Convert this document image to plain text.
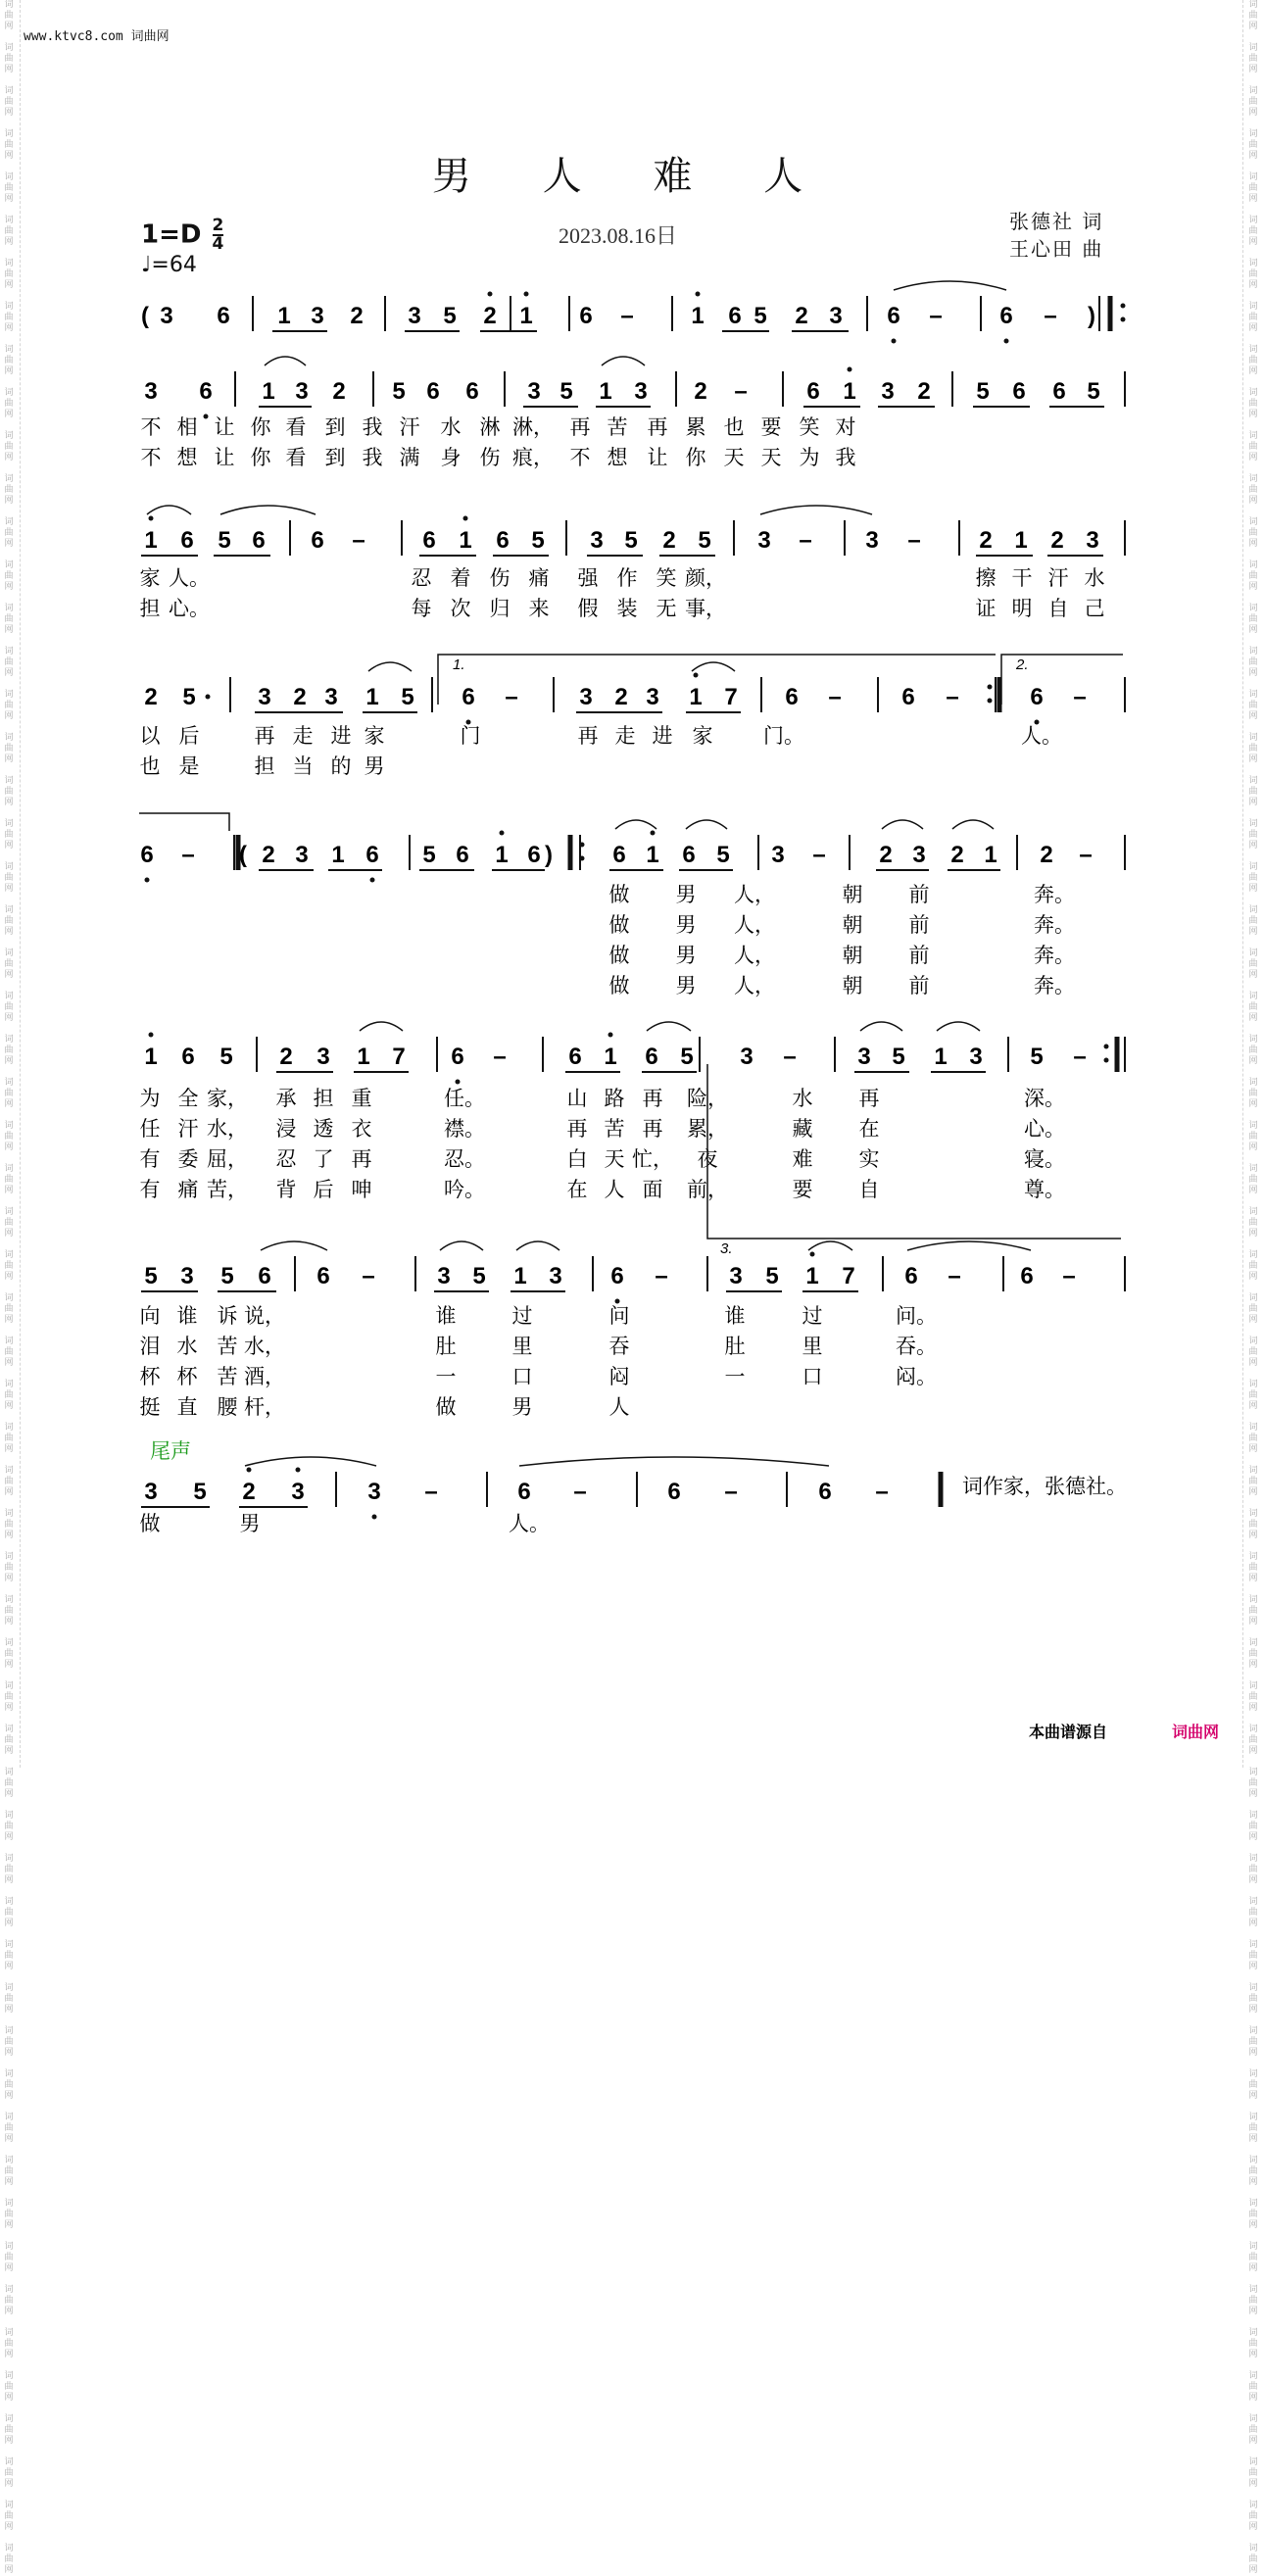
词
曲
网

词
曲
网

词
曲
网

词
曲
网

词
曲
网

词
曲
网

词
曲
网

词
曲
网

词
曲
网

词
曲
网

词
曲
网

词
曲
网

词
曲
网

词
曲
网

词
曲
网

词
曲
网

词
曲
网

词
曲
网

词
曲
网

词
曲
网

词
曲
网

词
曲
网

词
曲
网

词
曲
网

词
曲
网

词
曲
网

词
曲
网

词
曲
网

词
曲
网

词
曲
网

词
曲
网

词
曲
网

词
曲
网

词
曲
网

词
曲
网

词
曲
网

词
曲
网

词
曲
网

词
曲
网

词
曲
网

词
曲
网

词
曲
网

词
曲
网

词
曲
网

词
曲
网

词
曲
网

词
曲
网

词
曲
网

词
曲
网

词
曲
网

词
曲
网

词
曲
网

词
曲
网

词
曲
网

词
曲
网

词
曲
网

词
曲
网

词
曲
网

词
曲
网

词
曲
网
词
曲
网

词
曲
网

词
曲
网

词
曲
网

词
曲
网

词
曲
网

词
曲
网

词
曲
网

词
曲
网

词
曲
网

词
曲
网

词
曲
网

词
曲
网

词
曲
网

词
曲
网

词
曲
网

词
曲
网

词
曲
网

词
曲
网

词
曲
网

词
曲
网

词
曲
网

词
曲
网

词
曲
网

词
曲
网

词
曲
网

词
曲
网

词
曲
网

词
曲
网

词
曲
网

词
曲
网

词
曲
网

词
曲
网

词
曲
网

词
曲
网

词
曲
网

词
曲
网

词
曲
网

词
曲
网

词
曲
网

词
曲
网

词
曲
网

词
曲
网

词
曲
网

词
曲
网

词
曲
网

词
曲
网

词
曲
网

词
曲
网

词
曲
网

词
曲
网

词
曲
网

词
曲
网

词
曲
网

词
曲
网

词
曲
网

词
曲
网

词
曲
网

词
曲
网

词
曲
网
www.ktvc8.com 词曲网
男 人 难 人
$1=D \frac{2}{4}$
♩=64
2023.08.16日
张德社 词
王心田 曲
( 3 6 1 3 2 3 5 2 1 6 – 1 6 5 2 3 6 – 6 – )
3 6 1 3 2 5 6 6 3 5 1 3 2 –	6 1 3 2 5 6 6 5
1 6 5 6 6 – 6 1 6 5 3 5 2 5 3 – 3 – 2 1 2 3
2 5	3 2 3 1 5 6 –	3 2 3 1 7 6 –	6 –	6 –
6 – ( 2 3 1 6 5 6 1 6 )	6 1 6 5 3 – 2 3 2 1 2 –
1 6 5 2 3 1 7 6 –	6 1 6 5 3 –	3 5 1 3 5 –
5 3 5 6 6 –	3 5 1 3 6 –	3 5 1 7 6 –	6 –
3 5 2 3	3 –	6 –	6 –	6 –
不 相 让 你 看 到 我 汗 水 淋 淋， 再 苦 再 累 也 要 笑 对
不 想 让 你 看 到 我 满 身 伤 痕， 不 想 让 你 天 天 为 我
家 人。	忍 着 伤 痛 强 作 笑 颜，	擦 干 汗 水
担 心。	每 次 归 来 假 装 无 事，	证 明 自 己
以 后	再 走 进 家	门	再 走 进 家 门。	人。
也 是	担 当 的 男
做 男 人，	朝 前	奔。
做 男 人，	朝 前	奔。
做 男 人，	朝 前	奔。
做 男 人，	朝 前	奔。
为 全 家， 承 担 重	任。	山 路 再 险，	水 再	深。
任 汗 水， 浸 透 衣	襟。	再 苦 再 累，	藏 在	心。
有 委 屈， 忍 了 再	忍。	白 天 忙， 夜	难 实	寝。
有 痛 苦， 背 后 呻	吟。	在 人 面 前，	要 自	尊。
向 谁 诉 说，	谁	过	问	谁	过	问。
泪 水 苦 水，	肚	里	吞	肚	里	吞。
杯 杯 苦 酒，	一	口	闷	一	口	闷。
挺 直 腰 杆，	做	男	人
做	男	人。
1.	2.
3.
尾声
词作家，张德社。
本曲谱源自	词曲网
